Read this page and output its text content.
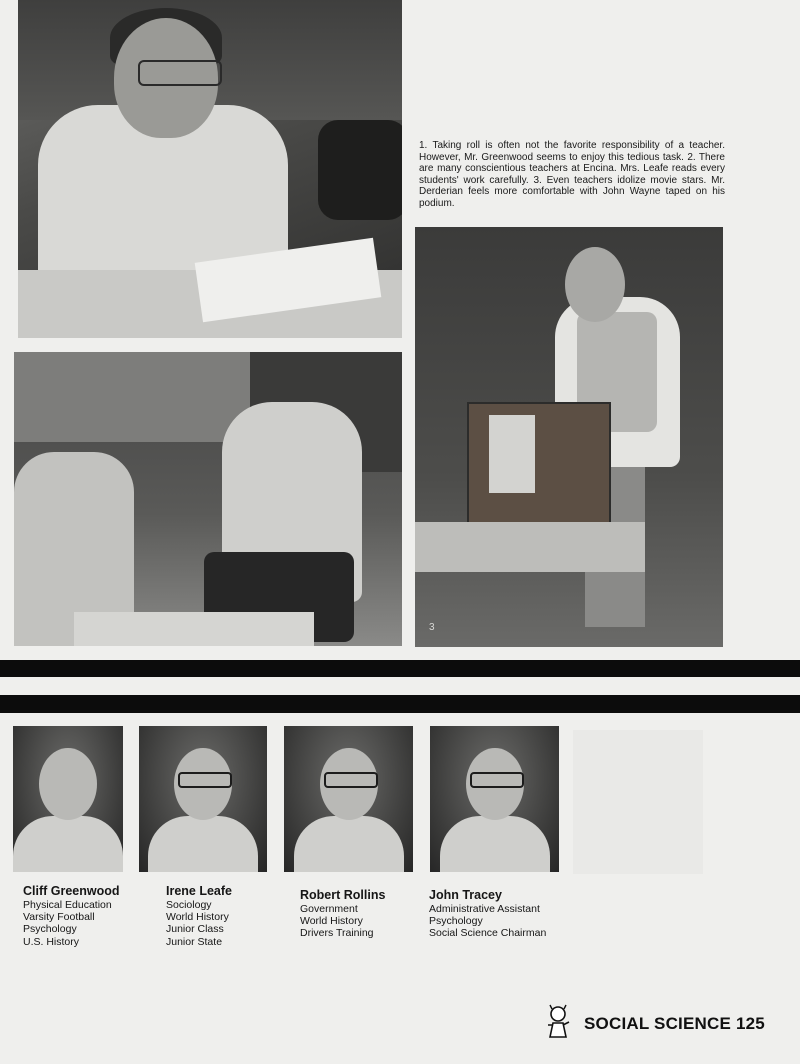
1. Taking roll is often not the favorite responsibility of a teacher. However, Mr. Greenwood seems to enjoy this tedious task. 2. There are many conscientious teachers at Encina. Mrs. Leafe reads every students' work carefully. 3. Even teachers idolize movie stars. Mr. Derderian feels more comfortable with John Wayne taped on his podium.
3
Cliff Greenwood
Physical Education
Varsity Football
Psychology
U.S. History
Irene Leafe
Sociology
World History
Junior Class
Junior State
Robert Rollins
Government
World History
Drivers Training
John Tracey
Administrative Assistant
Psychology
Social Science Chairman
SOCIAL SCIENCE 125
